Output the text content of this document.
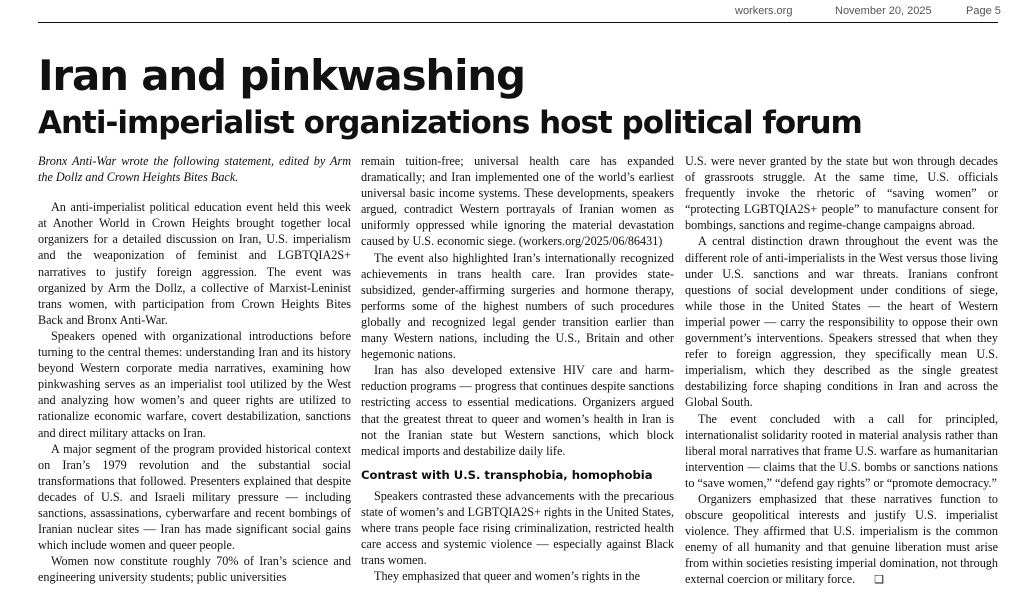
workers.org	November 20, 2025	Page 5
Iran and pinkwashing
Anti-imperialist organizations host political forum

Bronx Anti-War wrote the following statement, edited by Arm the Dollz and Crown Heights Bites Back.

An anti-imperialist political education event held this week at Another World in Crown Heights brought together local organizers for a detailed discussion on Iran, U.S. imperialism and the weaponization of feminist and LGBTQIA2S+ narratives to justify foreign aggression. The event was organized by Arm the Dollz, a collective of Marxist-Leninist trans women, with participation from Crown Heights Bites Back and Bronx Anti-War.

Speakers opened with organizational introductions before turning to the central themes: understanding Iran and its history beyond Western corporate media narratives, examining how pinkwashing serves as an imperialist tool utilized by the West and analyzing how women’s and queer rights are utilized to rationalize economic warfare, covert destabilization, sanctions and direct military attacks on Iran.

A major segment of the program provided historical context on Iran’s 1979 revolution and the substantial social transformations that followed. Presenters explained that despite decades of U.S. and Israeli military pressure — including sanctions, assassinations, cyberwarfare and recent bombings of Iranian nuclear sites — Iran has made significant social gains which include women and queer people.

Women now constitute roughly 70% of Iran’s science and engineering university students; public universities

remain tuition-free; universal health care has expanded dramatically; and Iran implemented one of the world’s earliest universal basic income systems. These developments, speakers argued, contradict Western portrayals of Iranian women as uniformly oppressed while ignoring the material devastation caused by U.S. economic siege. (workers.org/2025/06/86431)

The event also highlighted Iran’s internationally recognized achievements in trans health care. Iran provides state-subsidized, gender-affirming surgeries and hormone therapy, performs some of the highest numbers of such procedures globally and recognized legal gender transition earlier than many Western nations, including the U.S., Britain and other hegemonic nations.

Iran has also developed extensive HIV care and harm-reduction programs — progress that continues despite sanctions restricting access to essential medications. Organizers argued that the greatest threat to queer and women’s health in Iran is not the Iranian state but Western sanctions, which block medical imports and destabilize daily life.

Contrast with U.S. transphobia, homophobia

Speakers contrasted these advancements with the precarious state of women’s and LGBTQIA2S+ rights in the United States, where trans people face rising criminalization, restricted health care access and systemic violence — especially against Black trans women.

They emphasized that queer and women’s rights in the

U.S. were never granted by the state but won through decades of grassroots struggle. At the same time, U.S. officials frequently invoke the rhetoric of “saving women” or “protecting LGBTQIA2S+ people” to manufacture consent for bombings, sanctions and regime-change campaigns abroad.

A central distinction drawn throughout the event was the different role of anti-imperialists in the West versus those living under U.S. sanctions and war threats. Iranians confront questions of social development under conditions of siege, while those in the United States — the heart of Western imperial power — carry the responsibility to oppose their own government’s interventions. Speakers stressed that when they refer to foreign aggression, they specifically mean U.S. imperialism, which they described as the single greatest destabilizing force shaping conditions in Iran and across the Global South.

The event concluded with a call for principled, internationalist solidarity rooted in material analysis rather than liberal moral narratives that frame U.S. warfare as humanitarian intervention — claims that the U.S. bombs or sanctions nations to “save women,” “defend gay rights” or “promote democracy.”

Organizers emphasized that these narratives function to obscure geopolitical interests and justify U.S. imperialist violence. They affirmed that U.S. imperialism is the common enemy of all humanity and that genuine liberation must arise from within societies resisting imperial domination, not through external coercion or military force. ❑
